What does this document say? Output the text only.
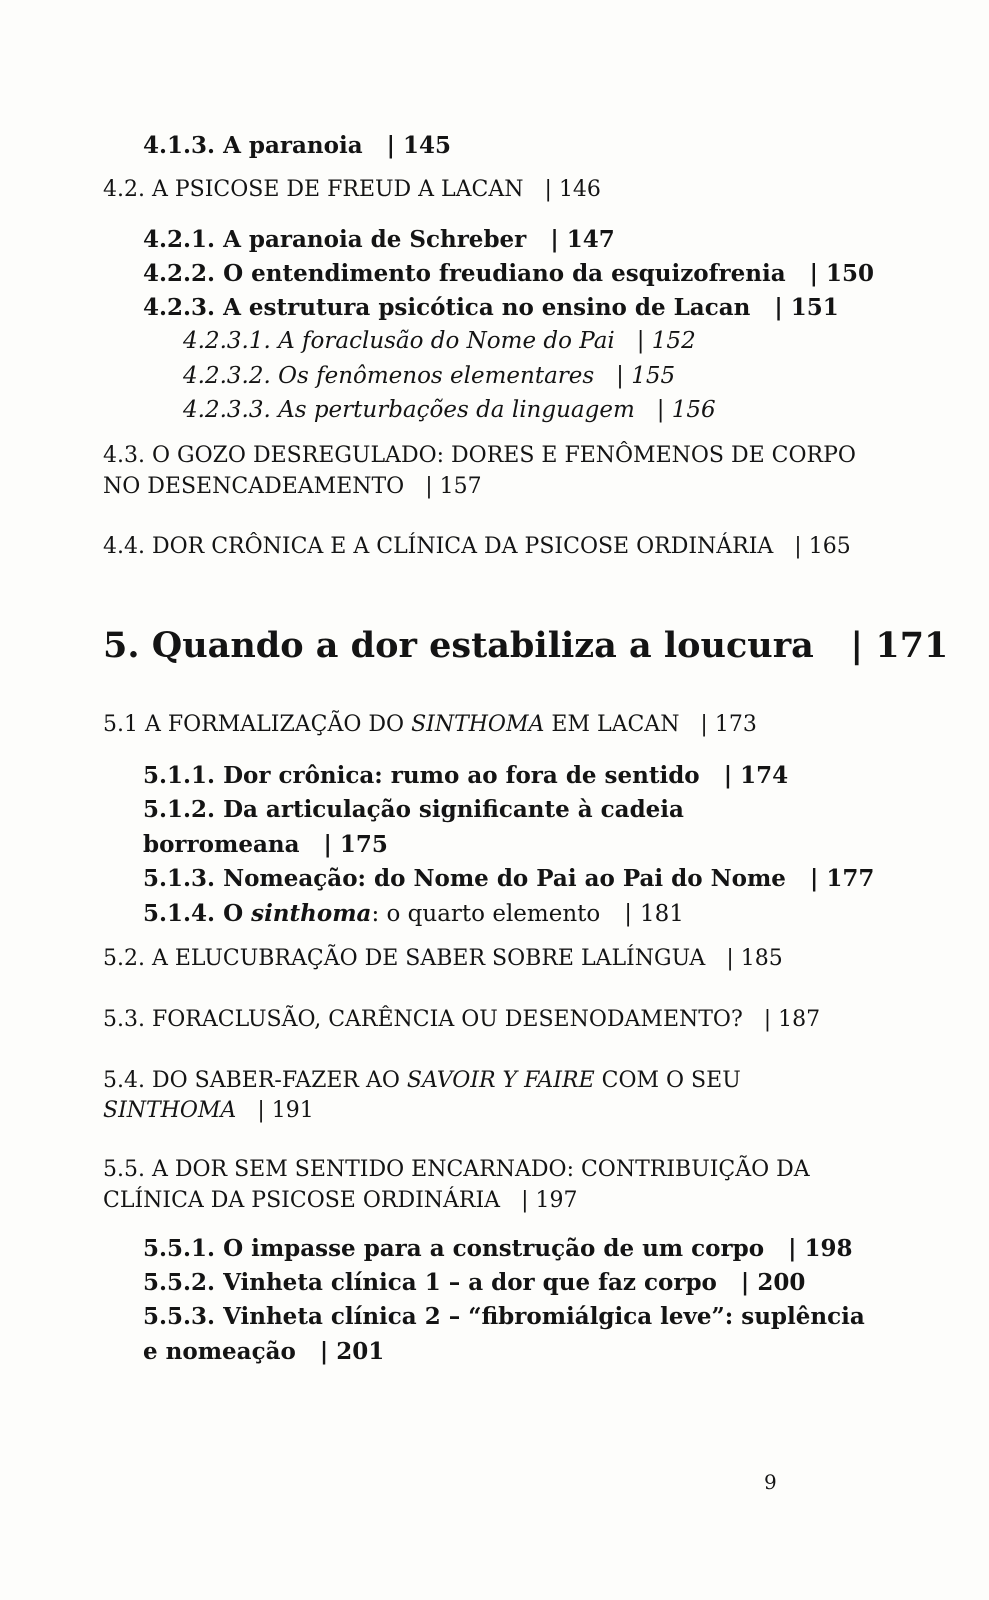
4.1.3. A paranoia | 145
4.2. A PSICOSE DE FREUD A LACAN | 146
4.2.1. A paranoia de Schreber | 147
4.2.2. O entendimento freudiano da esquizofrenia | 150
4.2.3. A estrutura psicótica no ensino de Lacan | 151
4.2.3.1. A foraclusão do Nome do Pai | 152
4.2.3.2. Os fenômenos elementares | 155
4.2.3.3. As perturbações da linguagem | 156
4.3. O GOZO DESREGULADO: DORES E FENÔMENOS DE CORPO
NO DESENCADEAMENTO | 157
4.4. DOR CRÔNICA E A CLÍNICA DA PSICOSE ORDINÁRIA | 165
5. Quando a dor estabiliza a loucura | 171
5.1 A FORMALIZAÇÃO DO SINTHOMA EM LACAN | 173
5.1.1. Dor crônica: rumo ao fora de sentido | 174
5.1.2. Da articulação significante à cadeia
borromeana | 175
5.1.3. Nomeação: do Nome do Pai ao Pai do Nome | 177
5.1.4. O sinthoma: o quarto elemento | 181
5.2. A ELUCUBRAÇÃO DE SABER SOBRE LALÍNGUA | 185
5.3. FORACLUSÃO, CARÊNCIA OU DESENODAMENTO? | 187
5.4. DO SABER-FAZER AO SAVOIR Y FAIRE COM O SEU
SINTHOMA | 191
5.5. A DOR SEM SENTIDO ENCARNADO: CONTRIBUIÇÃO DA
CLÍNICA DA PSICOSE ORDINÁRIA | 197
5.5.1. O impasse para a construção de um corpo | 198
5.5.2. Vinheta clínica 1 – a dor que faz corpo | 200
5.5.3. Vinheta clínica 2 – “fibromiálgica leve”: suplência
e nomeação | 201
9
